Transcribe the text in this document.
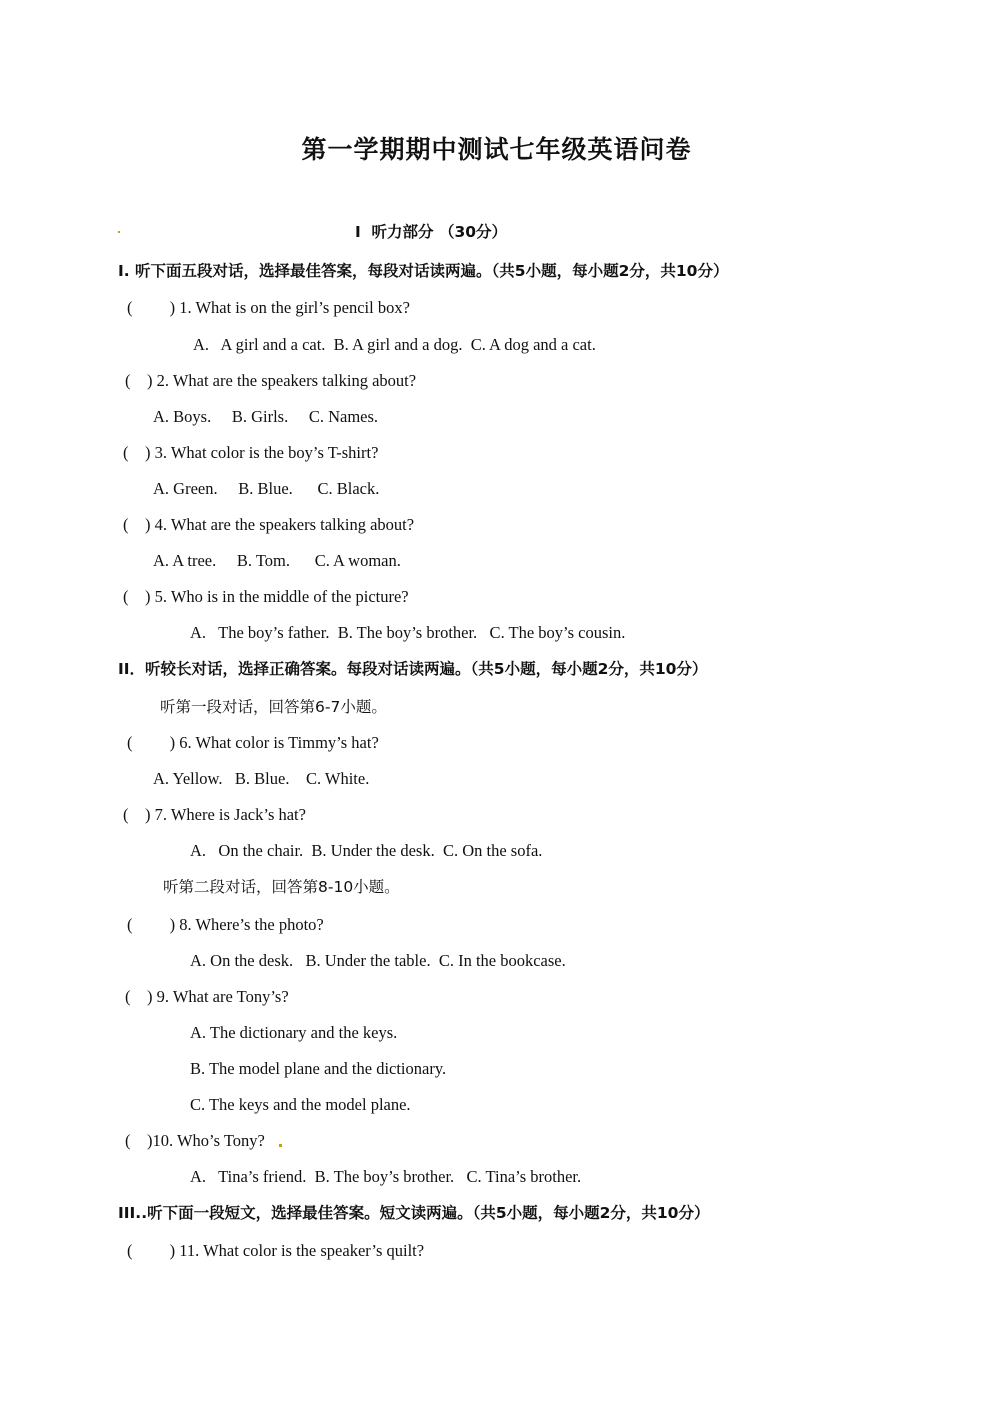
第一学期期中测试七年级英语问卷
Ⅰ  听力部分 （30分）
I. 听下面五段对话，选择最佳答案，每段对话读两遍。（共5小题，每小题2分，共10分）
(         ) 1. What is on the girl’s pencil box?
A.   A girl and a cat.  B. A girl and a dog.  C. A dog and a cat.
(    ) 2. What are the speakers talking about?
A. Boys.     B. Girls.     C. Names.
(    ) 3. What color is the boy’s T-shirt?
A. Green.     B. Blue.      C. Black.
(    ) 4. What are the speakers talking about?
A. A tree.     B. Tom.      C. A woman.
(    ) 5. Who is in the middle of the picture?
A.   The boy’s father.  B. The boy’s brother.   C. The boy’s cousin.
II．听较长对话，选择正确答案。每段对话读两遍。（共5小题，每小题2分，共10分）
听第一段对话，回答第6-7小题。
(         ) 6. What color is Timmy’s hat?
A. Yellow.   B. Blue.    C. White.
(    ) 7. Where is Jack’s hat?
A.   On the chair.  B. Under the desk.  C. On the sofa.
听第二段对话，回答第8-10小题。
(         ) 8. Where’s the photo?
A. On the desk.   B. Under the table.  C. In the bookcase.
(    ) 9. What are Tony’s?
A. The dictionary and the keys.
B. The model plane and the dictionary.
C. The keys and the model plane.
(    )10. Who’s Tony?
A.   Tina’s friend.  B. The boy’s brother.   C. Tina’s brother.
III..听下面一段短文，选择最佳答案。短文读两遍。（共5小题，每小题2分，共10分）
(         ) 11. What color is the speaker’s quilt?
